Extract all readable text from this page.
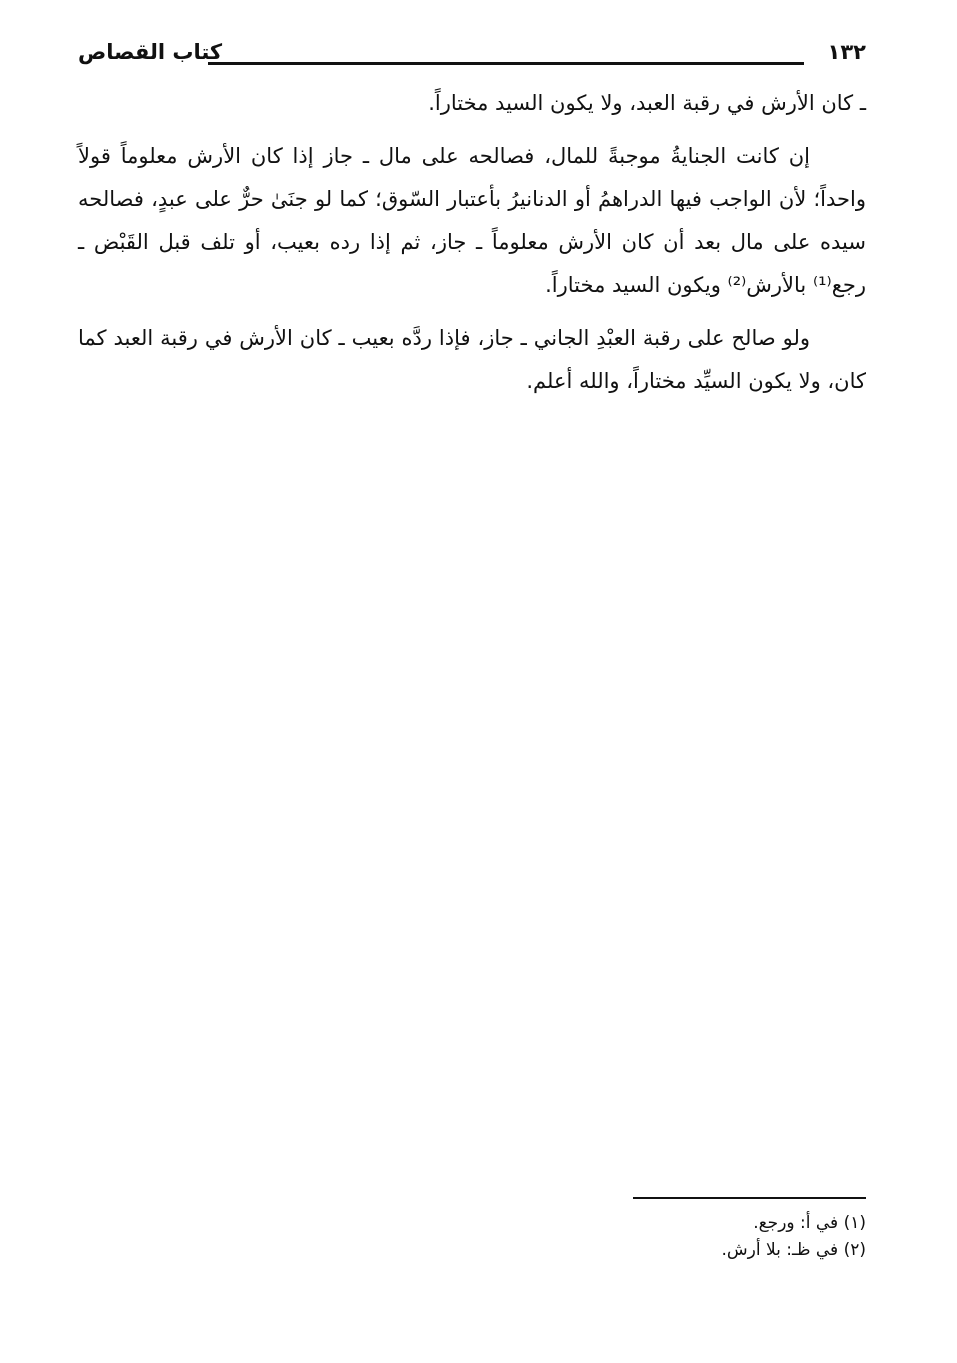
١٣٢
كتاب القصاص

ـ كان الأرش في رقبة العبد، ولا يكون السيد مختاراً.

إن كانت الجنايةُ موجبةً للمال، فصالحه على مال ـ جاز إذا كان الأرش معلوماً قولاً واحداً؛ لأن الواجب فيها الدراهمُ أو الدنانيرُ بأعتبار السّوق؛ كما لو جنَىٰ حرٌّ على عبدٍ، فصالحه سيده على مال بعد أن كان الأرش معلوماً ـ جاز، ثم إذا رده بعيب، أو تلف قبل القَبْض ـ رجع⁽¹⁾ بالأرش⁽²⁾ ويكون السيد مختاراً.

ولو صالح على رقبة العبْدِ الجاني ـ جاز، فإذا ردَّه بعيب ـ كان الأرش في رقبة العبد كما كان، ولا يكون السيِّد مختاراً، والله أعلم.

(١) في أ: ورجع.

(٢) في ظـ: بلا أرش.
